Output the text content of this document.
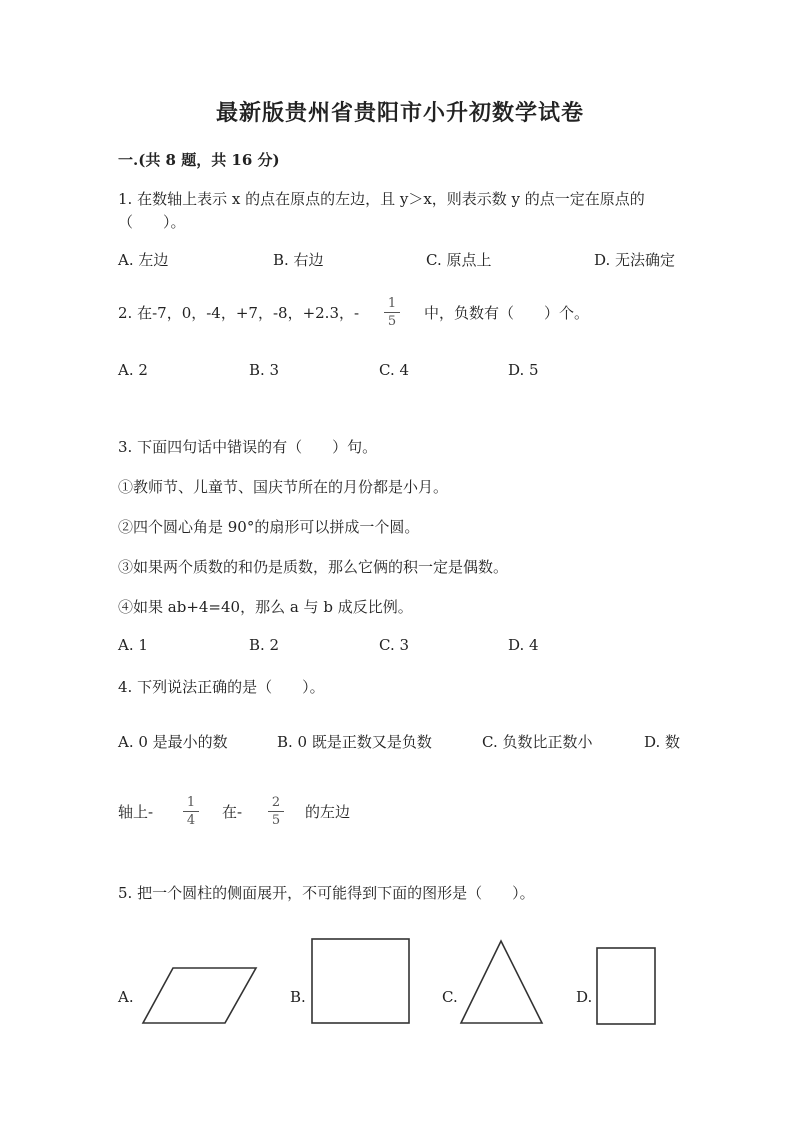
最新版贵州省贵阳市小升初数学试卷
一.(共 8 题，共 16 分)
1. 在数轴上表示 x 的点在原点的左边，且 y＞x，则表示数 y 的点一定在原点的
（　　）。
A. 左边	B. 右边	C. 原点上	D. 无法确定
2. 在-7，0，-4，+7，-8，+2.3，-
1
5 中，负数有（　　）个。
A. 2	B. 3	C. 4	D. 5
3. 下面四句话中错误的有（　　）句。
①教师节、儿童节、国庆节所在的月份都是小月。
②四个圆心角是 90°的扇形可以拼成一个圆。
③如果两个质数的和仍是质数，那么它俩的积一定是偶数。
④如果 ab+4=40，那么 a 与 b 成反比例。
A. 1	B. 2	C. 3	D. 4
4. 下列说法正确的是（　　）。
A. 0 是最小的数	B. 0 既是正数又是负数	C. 负数比正数小	D. 数
轴上-
1
4 在-
2
5 的左边
5. 把一个圆柱的侧面展开，不可能得到下面的图形是（　　）。
A.	B.	C.	D.
